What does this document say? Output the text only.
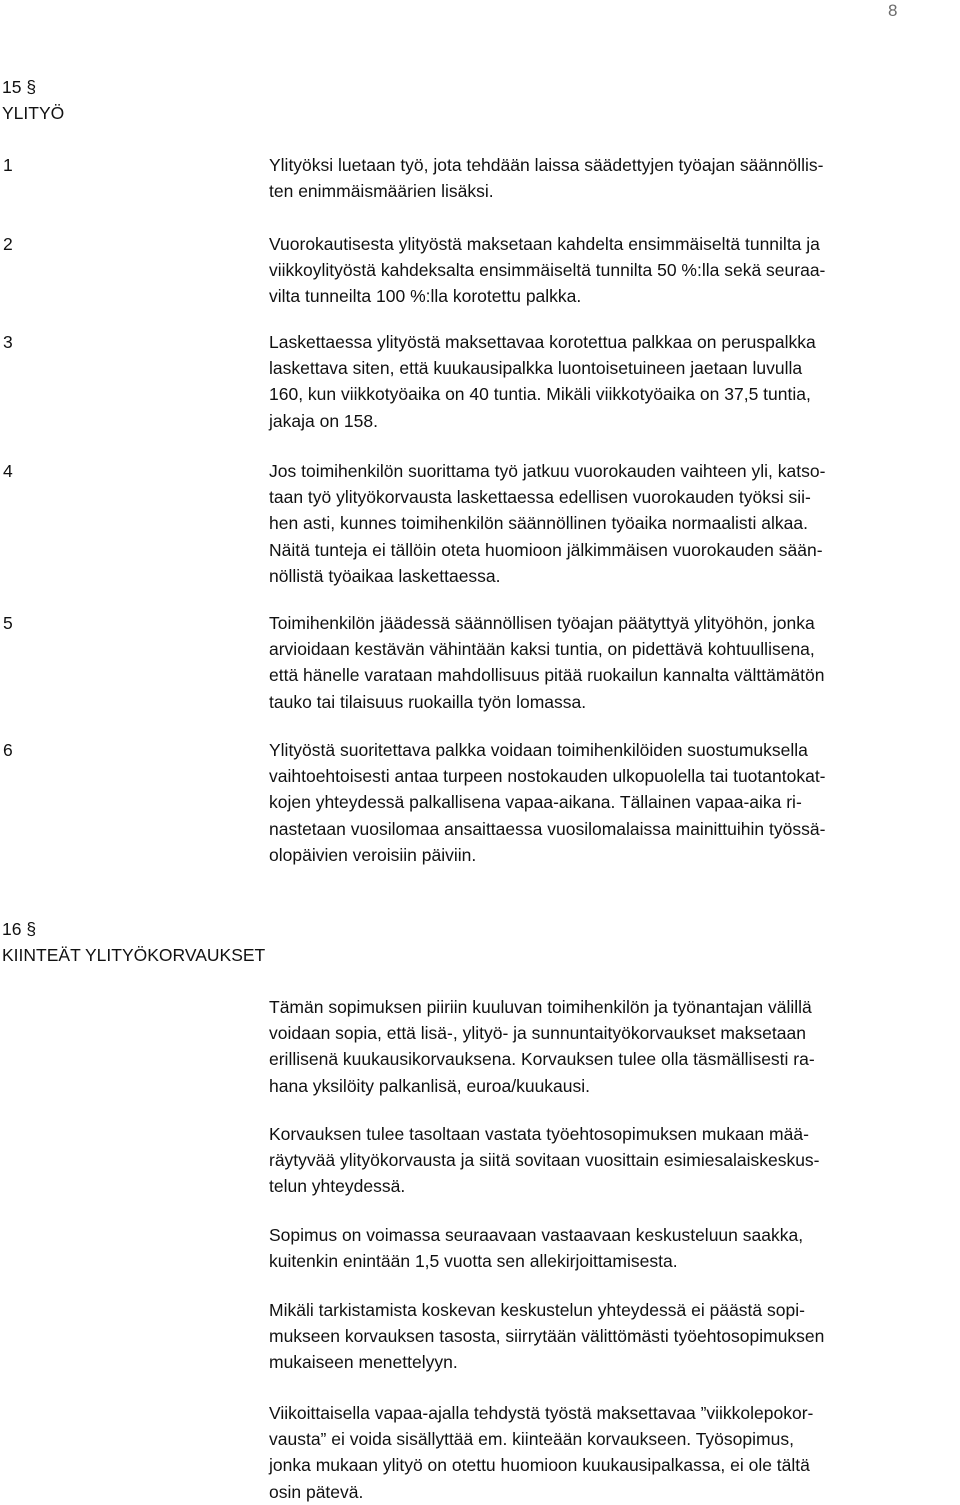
8
15 §
YLITYÖ
1	Ylityöksi luetaan työ, jota tehdään laissa säädettyjen työajan säännöllis-
ten enimmäismäärien lisäksi.
2	Vuorokautisesta ylityöstä maksetaan kahdelta ensimmäiseltä tunnilta ja
viikkoylityöstä kahdeksalta ensimmäiseltä tunnilta 50 %:lla sekä seuraa-
vilta tunneilta 100 %:lla korotettu palkka.
3	Laskettaessa ylityöstä maksettavaa korotettua palkkaa on peruspalkka
laskettava siten, että kuukausipalkka luontoisetuineen jaetaan luvulla
160, kun viikkotyöaika on 40 tuntia. Mikäli viikkotyöaika on 37,5 tuntia,
jakaja on 158.
4	Jos toimihenkilön suorittama työ jatkuu vuorokauden vaihteen yli, katso-
taan työ ylityökorvausta laskettaessa edellisen vuorokauden työksi sii-
hen asti, kunnes toimihenkilön säännöllinen työaika normaalisti alkaa.
Näitä tunteja ei tällöin oteta huomioon jälkimmäisen vuorokauden sään-
nöllistä työaikaa laskettaessa.
5	Toimihenkilön jäädessä säännöllisen työajan päätyttyä ylityöhön, jonka
arvioidaan kestävän vähintään kaksi tuntia, on pidettävä kohtuullisena,
että hänelle varataan mahdollisuus pitää ruokailun kannalta välttämätön
tauko tai tilaisuus ruokailla työn lomassa.
6	Ylityöstä suoritettava palkka voidaan toimihenkilöiden suostumuksella
vaihtoehtoisesti antaa turpeen nostokauden ulkopuolella tai tuotantokat-
kojen yhteydessä palkallisena vapaa-aikana. Tällainen vapaa-aika ri-
nastetaan vuosilomaa ansaittaessa vuosilomalaissa mainittuihin työssä-
olopäivien veroisiin päiviin.
16 §
KIINTEÄT YLITYÖKORVAUKSET
Tämän sopimuksen piiriin kuuluvan toimihenkilön ja työnantajan välillä
voidaan sopia, että lisä-, ylityö- ja sunnuntaityökorvaukset maksetaan
erillisenä kuukausikorvauksena. Korvauksen tulee olla täsmällisesti ra-
hana yksilöity palkanlisä, euroa/kuukausi.
Korvauksen tulee tasoltaan vastata työehtosopimuksen mukaan mää-
räytyvää ylityökorvausta ja siitä sovitaan vuosittain esimiesalaiskeskus-
telun yhteydessä.
Sopimus on voimassa seuraavaan vastaavaan keskusteluun saakka,
kuitenkin enintään 1,5 vuotta sen allekirjoittamisesta.
Mikäli tarkistamista koskevan keskustelun yhteydessä ei päästä sopi-
mukseen korvauksen tasosta, siirrytään välittömästi työehtosopimuksen
mukaiseen menettelyyn.
Viikoittaisella vapaa-ajalla tehdystä työstä maksettavaa ”viikkolepokor-
vausta” ei voida sisällyttää em. kiinteään korvaukseen. Työsopimus,
jonka mukaan ylityö on otettu huomioon kuukausipalkassa, ei ole tältä
osin pätevä.
